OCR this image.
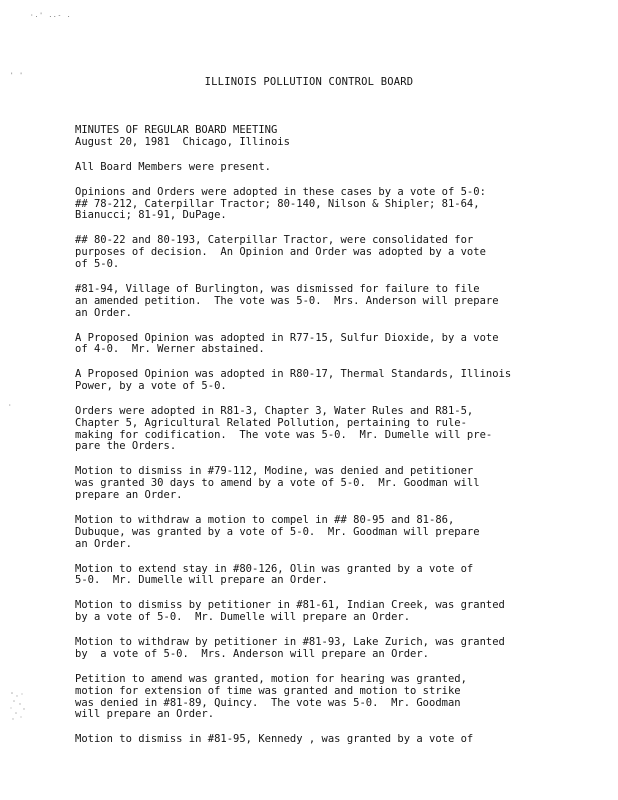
·.' ..- .
' '
·
ILLINOIS POLLUTION CONTROL BOARD
MINUTES OF REGULAR BOARD MEETING
August 20, 1981  Chicago, Illinois
All Board Members were present.
Opinions and Orders were adopted in these cases by a vote of 5-0:
## 78-212, Caterpillar Tractor; 80-140, Nilson & Shipler; 81-64,
Bianucci; 81-91, DuPage.
## 80-22 and 80-193, Caterpillar Tractor, were consolidated for
purposes of decision.  An Opinion and Order was adopted by a vote
of 5-0.
#81-94, Village of Burlington, was dismissed for failure to file
an amended petition.  The vote was 5-0.  Mrs. Anderson will prepare
an Order.
A Proposed Opinion was adopted in R77-15, Sulfur Dioxide, by a vote
of 4-0.  Mr. Werner abstained.
A Proposed Opinion was adopted in R80-17, Thermal Standards, Illinois
Power, by a vote of 5-0.
Orders were adopted in R81-3, Chapter 3, Water Rules and R81-5,
Chapter 5, Agricultural Related Pollution, pertaining to rule-
making for codification.  The vote was 5-0.  Mr. Dumelle will pre-
pare the Orders.
Motion to dismiss in #79-112, Modine, was denied and petitioner
was granted 30 days to amend by a vote of 5-0.  Mr. Goodman will
prepare an Order.
Motion to withdraw a motion to compel in ## 80-95 and 81-86,
Dubuque, was granted by a vote of 5-0.  Mr. Goodman will prepare
an Order.
Motion to extend stay in #80-126, Olin was granted by a vote of
5-0.  Mr. Dumelle will prepare an Order.
Motion to dismiss by petitioner in #81-61, Indian Creek, was granted
by a vote of 5-0.  Mr. Dumelle will prepare an Order.
Motion to withdraw by petitioner in #81-93, Lake Zurich, was granted
by  a vote of 5-0.  Mrs. Anderson will prepare an Order.
Petition to amend was granted, motion for hearing was granted,
motion for extension of time was granted and motion to strike
was denied in #81-89, Quincy.  The vote was 5-0.  Mr. Goodman
will prepare an Order.
Motion to dismiss in #81-95, Kennedy , was granted by a vote of
